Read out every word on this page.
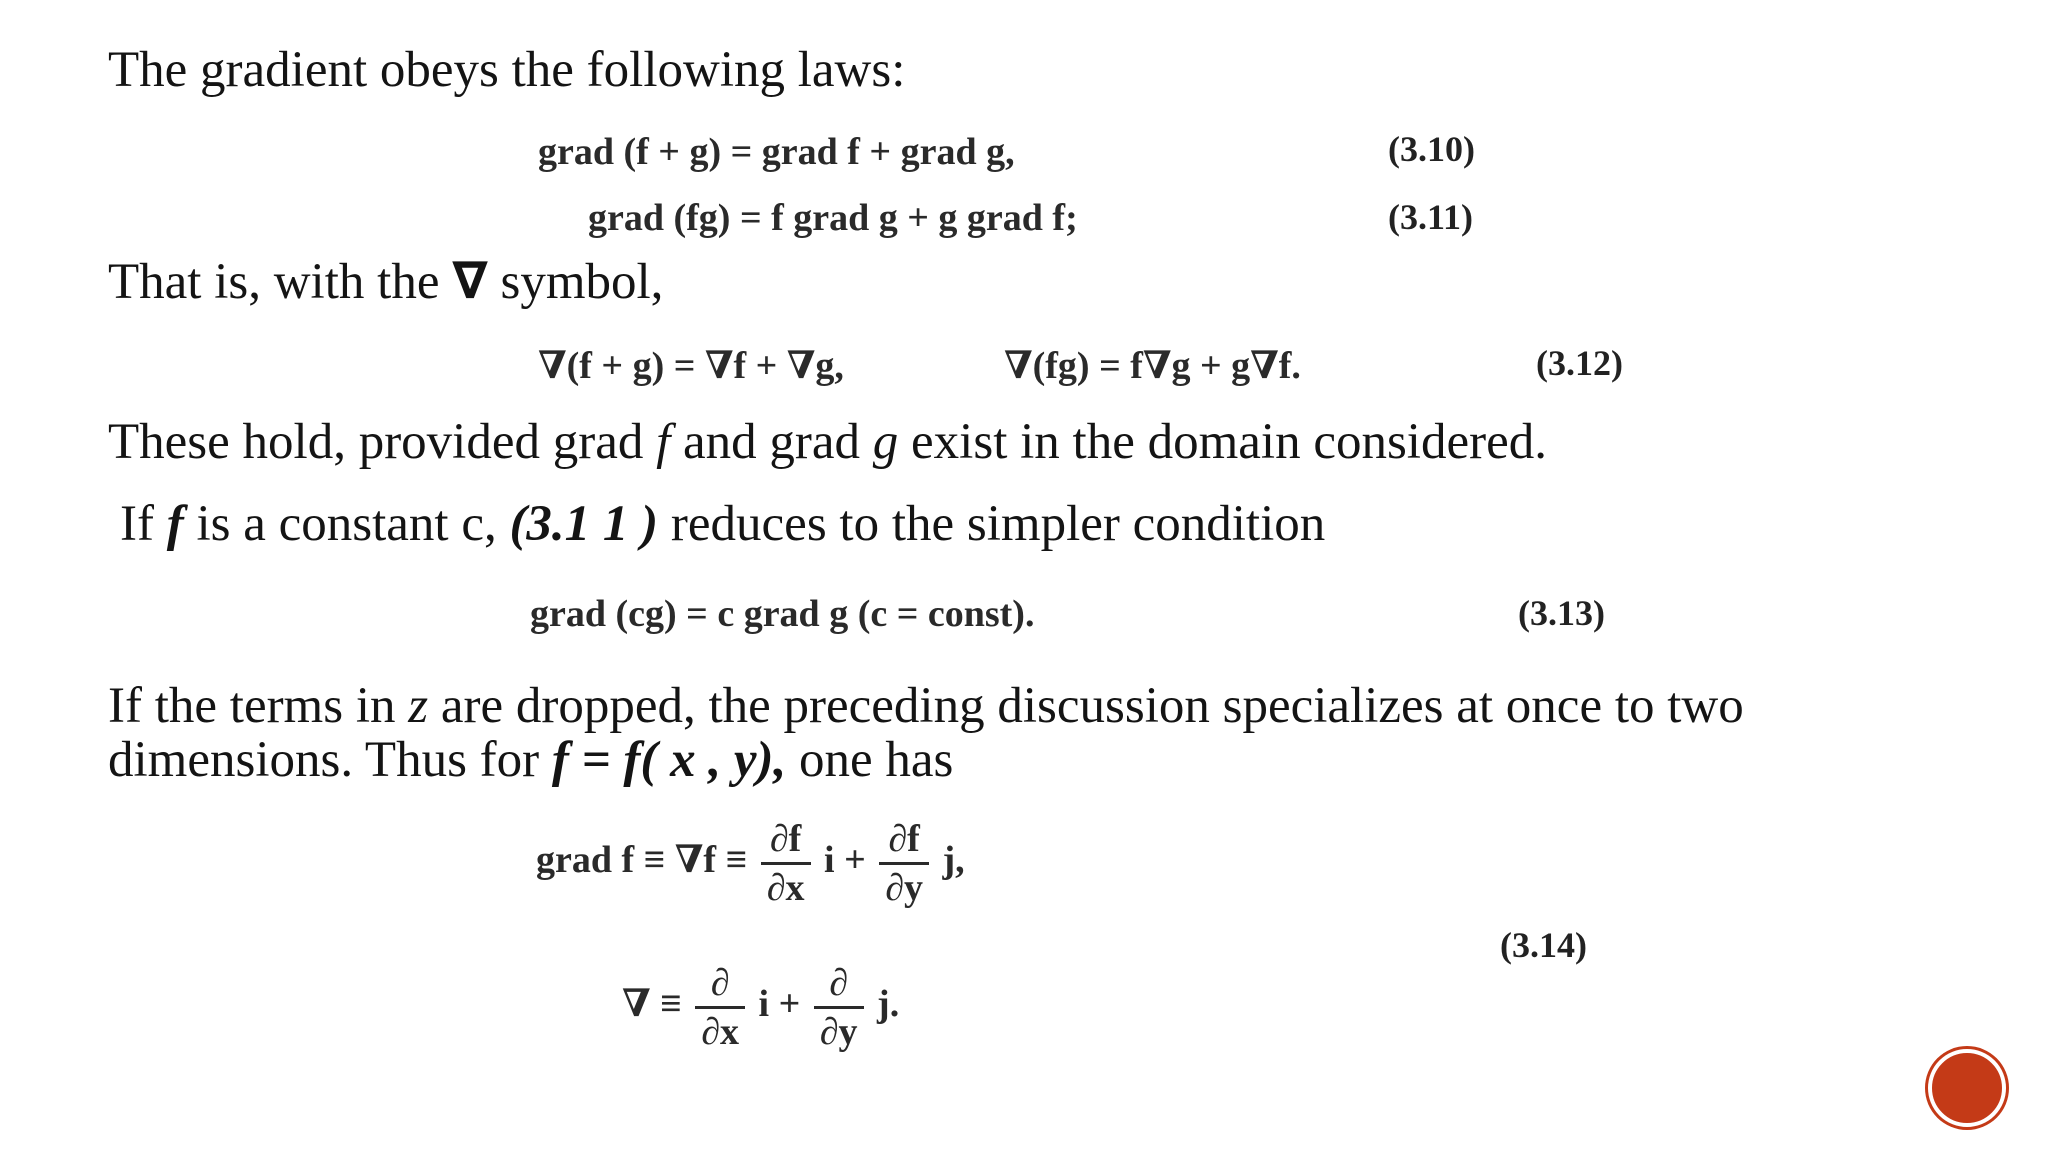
The gradient obeys the following laws:

grad (f + g) = grad f + grad g,	(3.10)
grad (fg) = f grad g + g grad f;	(3.11)

That is, with the ∇ symbol,

∇(f + g) = ∇f + ∇g,	∇(fg) = f∇g + g∇f.	(3.12)

These hold, provided grad f and grad g exist in the domain considered.

If f is a constant c, (3.1 1 ) reduces to the simpler condition

grad (cg) = c grad g (c = const).	(3.13)

If the terms in z are dropped, the preceding discussion specializes at once to two

dimensions. Thus for f = f( x , y), one has

grad $f \equiv \nabla f \equiv \frac{\partial f}{\partial x}$ $i + \frac{\partial f}{\partial y} j$,
(3.14)
∇ ≡ $\frac{\partial}{\partial x}$ $i + \frac{\partial}{\partial y} j$.
